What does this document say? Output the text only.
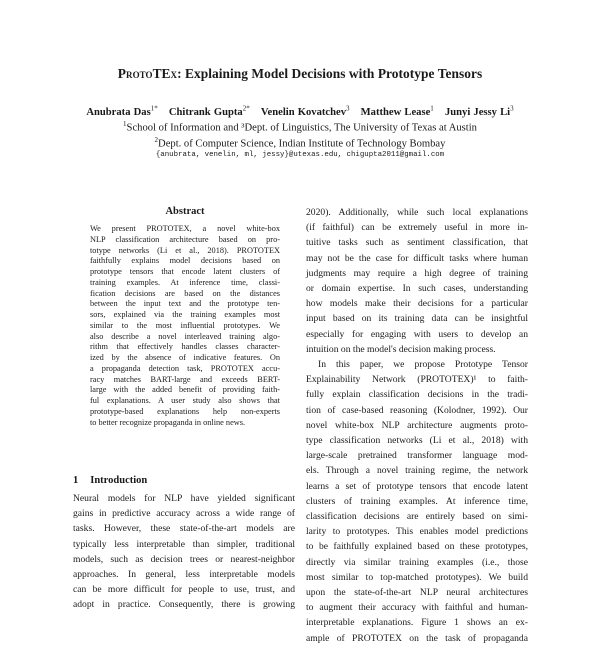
ProtoTEx: Explaining Model Decisions with Prototype Tensors
Anubrata Das$^{1*}$ Chitrank Gupta$^{2*}$ Venelin Kovatchev$^3$ Matthew Lease$^1$ Junyi Jessy Li$^3$
$^1$School of Information and ³Dept. of Linguistics, The University of Texas at Austin
$^2$Dept. of Computer Science, Indian Institute of Technology Bombay
{anubrata, venelin, ml, jessy}@utexas.edu, chigupta2011@gmail.com
Abstract
We present PROTOTEX, a novel white-box
NLP classification architecture based on pro-
totype networks (Li et al., 2018). PROTOTEX
faithfully explains model decisions based on
prototype tensors that encode latent clusters of
training examples. At inference time, classi-
fication decisions are based on the distances
between the input text and the prototype ten-
sors, explained via the training examples most
similar to the most influential prototypes. We
also describe a novel interleaved training algo-
rithm that effectively handles classes character-
ized by the absence of indicative features. On
a propaganda detection task, PROTOTEX accu-
racy matches BART-large and exceeds BERT-
large with the added benefit of providing faith-
ful explanations. A user study also shows that
prototype-based explanations help non-experts
to better recognize propaganda in online news.
1 Introduction
Neural models for NLP have yielded significant
gains in predictive accuracy across a wide range of
tasks. However, these state-of-the-art models are
typically less interpretable than simpler, traditional
models, such as decision trees or nearest-neighbor
approaches. In general, less interpretable models
can be more difficult for people to use, trust, and
adopt in practice. Consequently, there is growing
2020). Additionally, while such local explanations
(if faithful) can be extremely useful in more in-
tuitive tasks such as sentiment classification, that
may not be the case for difficult tasks where human
judgments may require a high degree of training
or domain expertise. In such cases, understanding
how models make their decisions for a particular
input based on its training data can be insightful
especially for engaging with users to develop an
intuition on the model's decision making process.
In this paper, we propose Prototype Tensor
Explainability Network (PROTOTEX)¹ to faith-
fully explain classification decisions in the tradi-
tion of case-based reasoning (Kolodner, 1992). Our
novel white-box NLP architecture augments proto-
type classification networks (Li et al., 2018) with
large-scale pretrained transformer language mod-
els. Through a novel training regime, the network
learns a set of prototype tensors that encode latent
clusters of training examples. At inference time,
classification decisions are entirely based on simi-
larity to prototypes. This enables model predictions
to be faithfully explained based on these prototypes,
directly via similar training examples (i.e., those
most similar to top-matched prototypes). We build
upon the state-of-the-art NLP neural architectures
to augment their accuracy with faithful and human-
interpretable explanations. Figure 1 shows an ex-
ample of PROTOTEX on the task of propaganda
